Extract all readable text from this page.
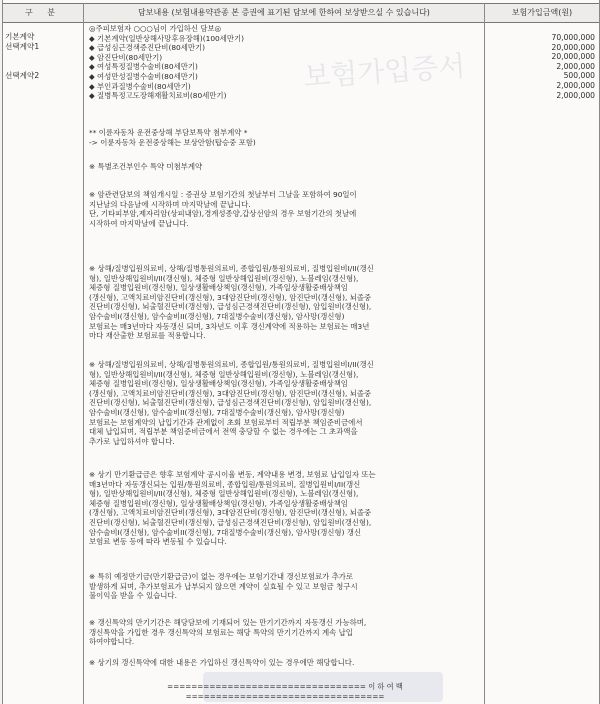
보험가입증서
구 분	담보내용 (보험내용약관종 본 증권에 표기된 담보에 한하여 보상받으실 수 있습니다)	보험가입금액(원)
기본계약
선택계약1
선택계약2

◎주피보험자 ○○○님이 가입하신 담보◎

◆ 기본계약(일반상해사망후유장해)(100세만기)

◆ 급성심근경색증진단비(80세만기)

◆ 암진단비(80세만기)

◆ 여성특정질병수술비(80세만기)

◆ 여성만성질병수술비(80세만기)

◆ 부인과질병수술비(80세만기)

◆ 질병특정고도장해재활치료비(80세만기)

** 이륜자동차 운전중상해 부담보특약 첨부계약 *

-> 이륜자동차 운전중상해는 보상안함(탑승중 포함)

※ 특별조건부인수 특약 미첨부계약

※ 암관련담보의 책임개시일 : 증권상 보험기간의 첫날부터 그날을 포함하여 90일이
지난날의 다음날에 시작하며 마지막날에 끝납니다.
단, 기타피부암,제자리암(상피내암),경계성종양,갑상선암의 경우 보험기간의 첫날에
시작하여 마지막날에 끝납니다.

※ 상해/질병입원의료비, 상해/질병통원의료비, 종합입원/통원의료비, 질병입원비I/II(갱신
형), 일반상해입원비I/II(갱신형), 체증형 일반상해입원비(갱신형), 노블레임(갱신형),
체증형 질병입원비(갱신형), 일상생활배상책임(갱신형), 가족일상생활중배상책임
(갱신형), 고액치료비암진단비(갱신형), 3대암진단비(갱신형), 암진단비(갱신형), 뇌졸중
진단비(갱신형), 뇌출혈진단비(갱신형), 급성심근경색진단비(갱신형), 암입원비(갱신형),
암수술비I(갱신형), 암수술비II(갱신형), 7대질병수술비(갱신형), 암사망(갱신형)
보험료는 매3년마다 자동갱신 되며, 3차년도 이후 갱신계약에 적용하는 보험료는 매3년
마다 재산출한 보험료를 적용합니다.

※ 상해/질병입원의료비, 상해/질병통원의료비, 종합입원/통원의료비, 질병입원비I/II(갱신
형), 일반상해입원비I/II(갱신형), 체증형 일반상해입원비(갱신형), 노블레임(갱신형),
체증형 질병입원비(갱신형), 일상생활배상책임(갱신형), 가족일상생활중배상책임
(갱신형), 고액치료비암진단비(갱신형), 3대암진단비(갱신형), 암진단비(갱신형), 뇌졸중
진단비(갱신형), 뇌출혈진단비(갱신형), 급성심근경색진단비(갱신형), 암입원비(갱신형),
암수술비I(갱신형), 암수술비II(갱신형), 7대질병수술비(갱신형), 암사망(갱신형)
보험료는 보험계약의 납입기간과 관계없이 초회 보험료부터 적립부분 책임준비금에서
대체 납입되며, 적립부분 책임준비금에서 전액 충당할 수 없는 경우에는 그 초과액을
추가로 납입하셔야 합니다.

※ 상기 만기환급금은 향후 보험계약 공시이율 변동, 계약내용 변경, 보험료 납입일자 또는
매3년마다 자동갱신되는 입원/통원의료비, 종합입원/통원의료비, 질병입원비I/II(갱신
형), 일반상해입원비I/II(갱신형), 체증형 일반상해입원비(갱신형), 노블레임(갱신형),
체증형 질병입원비(갱신형), 일상생활배상책임(갱신형), 가족일상생활중배상책임
(갱신형), 고액치료비암진단비(갱신형), 3대암진단비(갱신형), 암진단비(갱신형), 뇌졸중
진단비(갱신형), 뇌출혈진단비(갱신형), 급성심근경색진단비(갱신형), 암입원비(갱신형),
암수술비I(갱신형), 암수술비II(갱신형), 7대질병수술비(갱신형), 암사망(갱신형) 갱신
보험료 변동 등에 따라 변동될 수 있습니다.

※ 특히 예정만기금(만기환급금)이 없는 경우에는 보험기간내 갱신보험료가 추가로
발생하게 되며, 추가보험료가 납부되지 않으면 계약이 실효될 수 있고 보험금 청구시
불이익을 받을 수 있습니다.

※ 갱신특약의 만기기간은 해당담보에 기재되어 있는 만기기간까지 자동갱신 가능하며,
갱신특약을 가입한 경우 갱신특약의 보험료는 해당 특약의 만기기간까지 계속 납입
하여야합니다.

※ 상기의 갱신특약에 대한 내용은 가입하신 갱신특약이 있는 경우에만 해당합니다.

================================= 이 하 여 백 =================================

70,000,000
20,000,000
20,000,000
2,000,000
500,000
2,000,000
2,000,000
